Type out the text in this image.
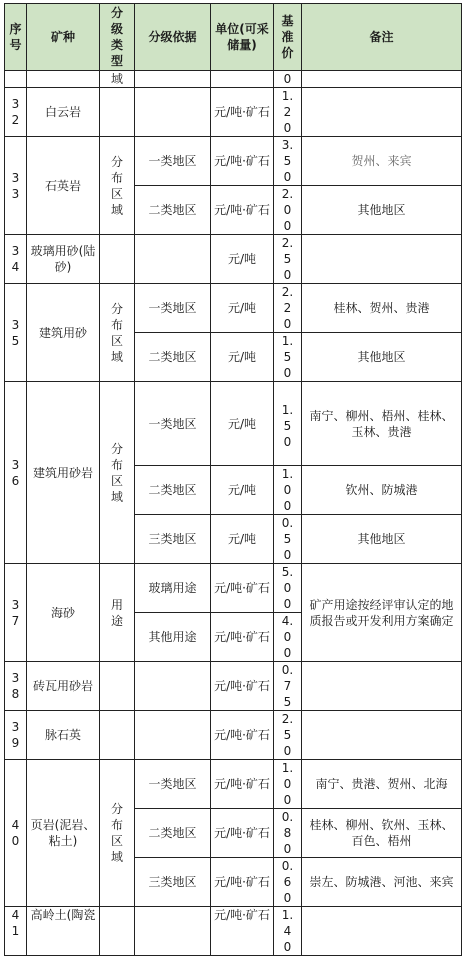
序号	矿种	分级类型	分级依据	单位(可采储量)	基准价	备注
		域			0	
32	白云岩			元/吨·矿石	1.20	
33	石英岩	分布区域	一类地区	元/吨·矿石	3.50	贺州、来宾
			二类地区	元/吨·矿石	2.00	其他地区
34	玻璃用砂(陆砂)			元/吨	2.50	
35	建筑用砂	分布区域	一类地区	元/吨	2.20	桂林、贺州、贵港
			二类地区	元/吨	1.50	其他地区
36	建筑用砂岩	分布区域	一类地区	元/吨	1.50	南宁、柳州、梧州、桂林、玉林、贵港
			二类地区	元/吨	1.00	钦州、防城港
			三类地区	元/吨	0.50	其他地区
37	海砂	用途	玻璃用途	元/吨·矿石	5.00	矿产用途按经评审认定的地质报告或开发利用方案确定
			其他用途	元/吨·矿石	4.00	
38	砖瓦用砂岩			元/吨·矿石	0.75	
39	脉石英			元/吨·矿石	2.50	
40	页岩(泥岩、粘土)	分布区域	一类地区	元/吨·矿石	1.00	南宁、贵港、贺州、北海
			二类地区	元/吨·矿石	0.80	桂林、柳州、钦州、玉林、百色、梧州
			三类地区	元/吨·矿石	0.60	崇左、防城港、河池、来宾
41	高岭土(陶瓷			元/吨·矿石	1.40	
